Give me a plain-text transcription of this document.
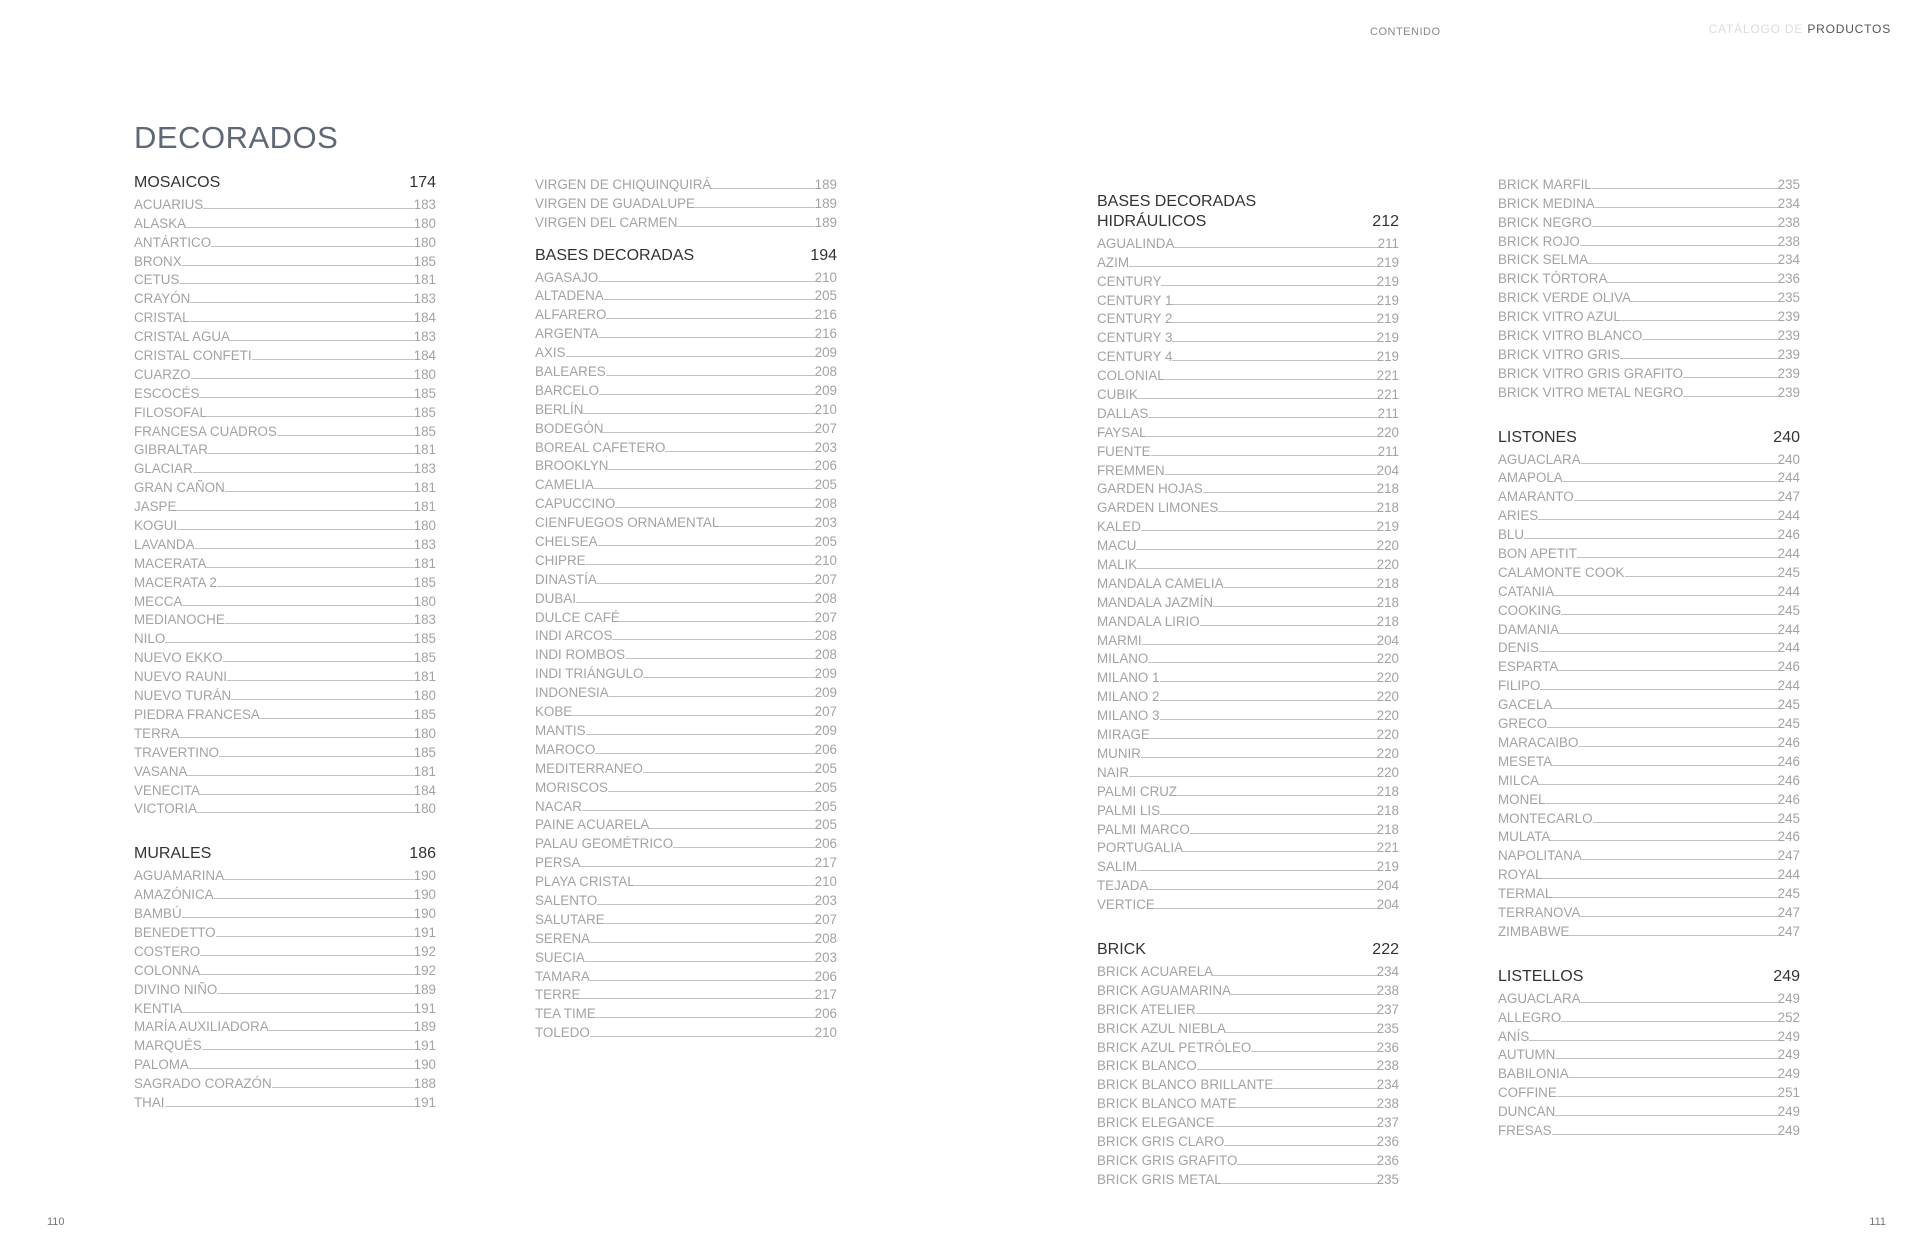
CONTENIDO	CATÁLOGO DE PRODUCTOS
DECORADOS
MOSAICOS	174
ACUARIUS	183
ALASKA	180
ANTÁRTICO	180
BRONX	185
CETUS	181
CRAYÓN	183
CRISTAL	184
CRISTAL AGUA	183
CRISTAL CONFETI	184
CUARZO	180
ESCOCÉS	185
FILOSOFAL	185
FRANCESA CUADROS	185
GIBRALTAR	181
GLACIAR	183
GRAN CAÑON	181
JASPE	181
KOGUI	180
LAVANDA	183
MACERATA	181
MACERATA 2	185
MECCA	180
MEDIANOCHE	183
NILO	185
NUEVO EKKO	185
NUEVO RAUNI	181
NUEVO TURÁN	180
PIEDRA FRANCESA	185
TERRA	180
TRAVERTINO	185
VASANA	181
VENECITA	184
VICTORIA	180
MURALES	186
AGUAMARINA	190
AMAZÓNICA	190
BAMBÚ	190
BENEDETTO	191
COSTERO	192
COLONNA	192
DIVINO NIÑO	189
KENTIA	191
MARÍA AUXILIADORA	189
MARQUÉS	191
PALOMA	190
SAGRADO CORAZÓN	188
THAI	191
VIRGEN DE CHIQUINQUIRÁ	189
VIRGEN DE GUADALUPE	189
VIRGEN DEL CARMEN	189
BASES DECORADAS	194
AGASAJO	210
ALTADENA	205
ALFARERO	216
ARGENTA	216
AXIS	209
BALEARES	208
BARCELO	209
BERLÍN	210
BODEGÓN	207
BOREAL CAFETERO	203
BROOKLYN	206
CAMELIA	205
CAPUCCINO	208
CIENFUEGOS ORNAMENTAL	203
CHELSEA	205
CHIPRE	210
DINASTÍA	207
DUBAI	208
DULCE CAFÉ	207
INDI ARCOS	208
INDI ROMBOS	208
INDI TRIÁNGULO	209
INDONESIA	209
KOBE	207
MANTIS	209
MAROCO	206
MEDITERRANEO	205
MORISCOS	205
NACAR	205
PAINE ACUARELA	205
PALAU GEOMÉTRICO	206
PERSA	217
PLAYA CRISTAL	210
SALENTO	203
SALUTARE	207
SERENA	208
SUECIA	203
TAMARA	206
TERRE	217
TEA TIME	206
TOLEDO	210
BASES DECORADAS
HIDRÁULICOS	212
AGUALINDA	211
AZIM	219
CENTURY	219
CENTURY 1	219
CENTURY 2	219
CENTURY 3	219
CENTURY 4	219
COLONIAL	221
CUBIK	221
DALLAS	211
FAYSAL	220
FUENTE	211
FREMMEN	204
GARDEN HOJAS	218
GARDEN LIMONES	218
KALED	219
MACU	220
MALIK	220
MANDALA CAMELIA	218
MANDALA JAZMÍN	218
MANDALA LIRIO	218
MARMI	204
MILANO	220
MILANO 1	220
MILANO 2	220
MILANO 3	220
MIRAGE	220
MUNIR	220
NAIR	220
PALMI CRUZ	218
PALMI LIS	218
PALMI MARCO	218
PORTUGALIA	221
SALIM	219
TEJADA	204
VERTICE	204
BRICK	222
BRICK ACUARELA	234
BRICK AGUAMARINA	238
BRICK ATELIER	237
BRICK AZUL NIEBLA	235
BRICK AZUL PETRÓLEO	236
BRICK BLANCO	238
BRICK BLANCO BRILLANTE	234
BRICK BLANCO MATE	238
BRICK ELEGANCE	237
BRICK GRIS CLARO	236
BRICK GRIS GRAFITO	236
BRICK GRIS METAL	235
BRICK MARFIL	235
BRICK MEDINA	234
BRICK NEGRO	238
BRICK ROJO	238
BRICK SELMA	234
BRICK TÓRTORA	236
BRICK VERDE OLIVA	235
BRICK VITRO AZUL	239
BRICK VITRO BLANCO	239
BRICK VITRO GRIS	239
BRICK VITRO GRIS GRAFITO	239
BRICK VITRO METAL NEGRO	239
LISTONES	240
AGUACLARA	240
AMAPOLA	244
AMARANTO	247
ARIES	244
BLU	246
BON APETIT	244
CALAMONTE COOK	245
CATANIA	244
COOKING	245
DAMANIA	244
DENIS	244
ESPARTA	246
FILIPO	244
GACELA	245
GRECO	245
MARACAIBO	246
MESETA	246
MILCA	246
MONEL	246
MONTECARLO	245
MULATA	246
NAPOLITANA	247
ROYAL	244
TERMAL	245
TERRANOVA	247
ZIMBABWE	247
LISTELLOS	249
AGUACLARA	249
ALLEGRO	252
ANÍS	249
AUTUMN	249
BABILONIA	249
COFFINE	251
DUNCAN	249
FRESAS	249
110	111
